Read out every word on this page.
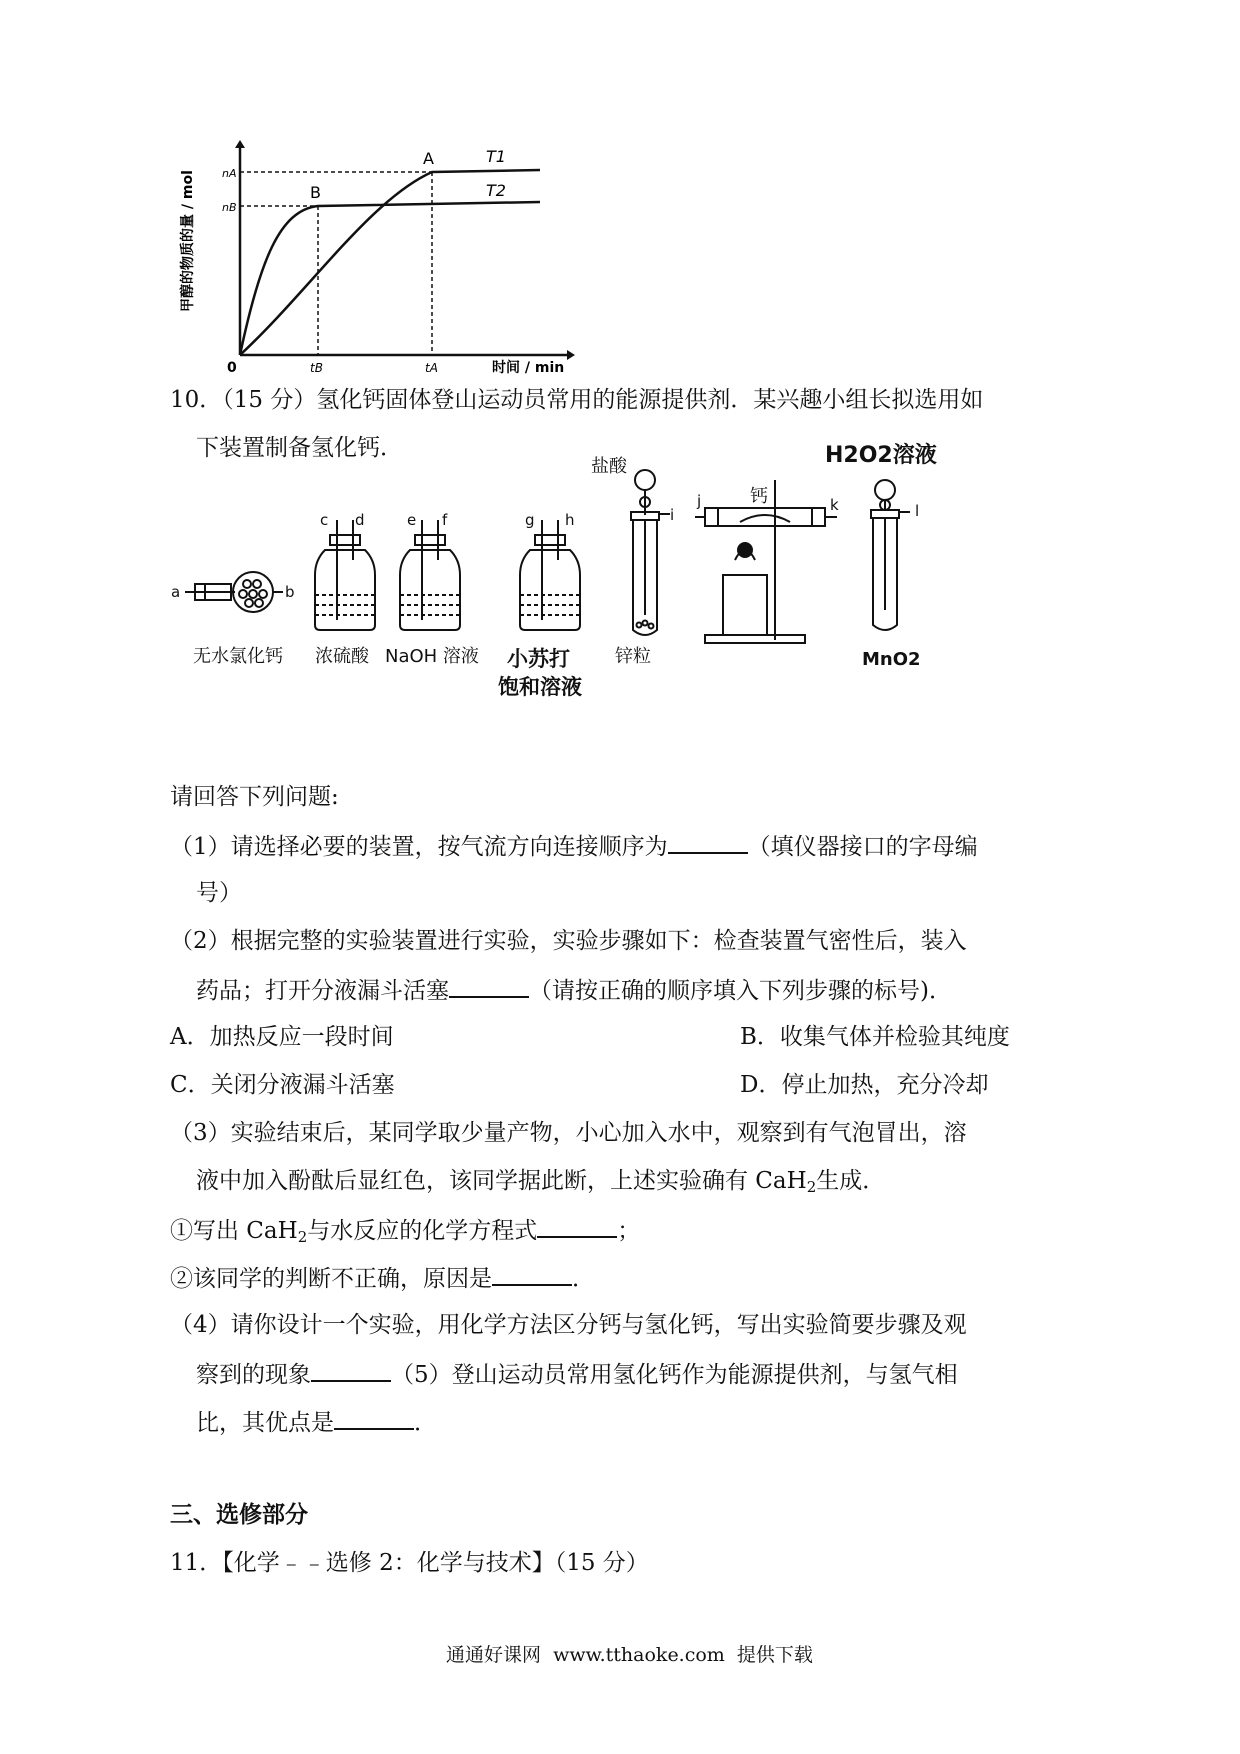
A
B
T1
T2
nA
nB
0	tB	tA	时间 / min
甲醇的物质的量 / mol
10．（15 分）氢化钙固体登山运动员常用的能源提供剂．某兴趣小组长拟选用如
下装置制备氢化钙．
a	b
c d	e f	g h	i
j	k	l
无水氯化钙 浓硫酸 NaOH 溶液 小苏打
饱和溶液
盐酸
锌粒
钙
H2O2溶液
MnO2
请回答下列问题:
（1）请选择必要的装置，按气流方向连接顺序为	（填仪器接口的字母编
号）
（2）根据完整的实验装置进行实验，实验步骤如下：检查装置气密性后，装入
药品；打开分液漏斗活塞	（请按正确的顺序填入下列步骤的标号)．
A．加热反应一段时间	B．收集气体并检验其纯度
C．关闭分液漏斗活塞	D．停止加热，充分冷却
（3）实验结束后，某同学取少量产物，小心加入水中，观察到有气泡冒出，溶
液中加入酚酞后显红色，该同学据此断，上述实验确有 CaH$_2$生成．
①写出 CaH$_2$与水反应的化学方程式	；
②该同学的判断不正确，原因是	．
（4）请你设计一个实验，用化学方法区分钙与氢化钙，写出实验简要步骤及观
察到的现象	（5）登山运动员常用氢化钙作为能源提供剂，与氢气相
比，其优点是	．
三、选修部分
11．【化学﹣﹣选修 2：化学与技术】（15 分）
通通好课网  www.tthaoke.com  提供下载
